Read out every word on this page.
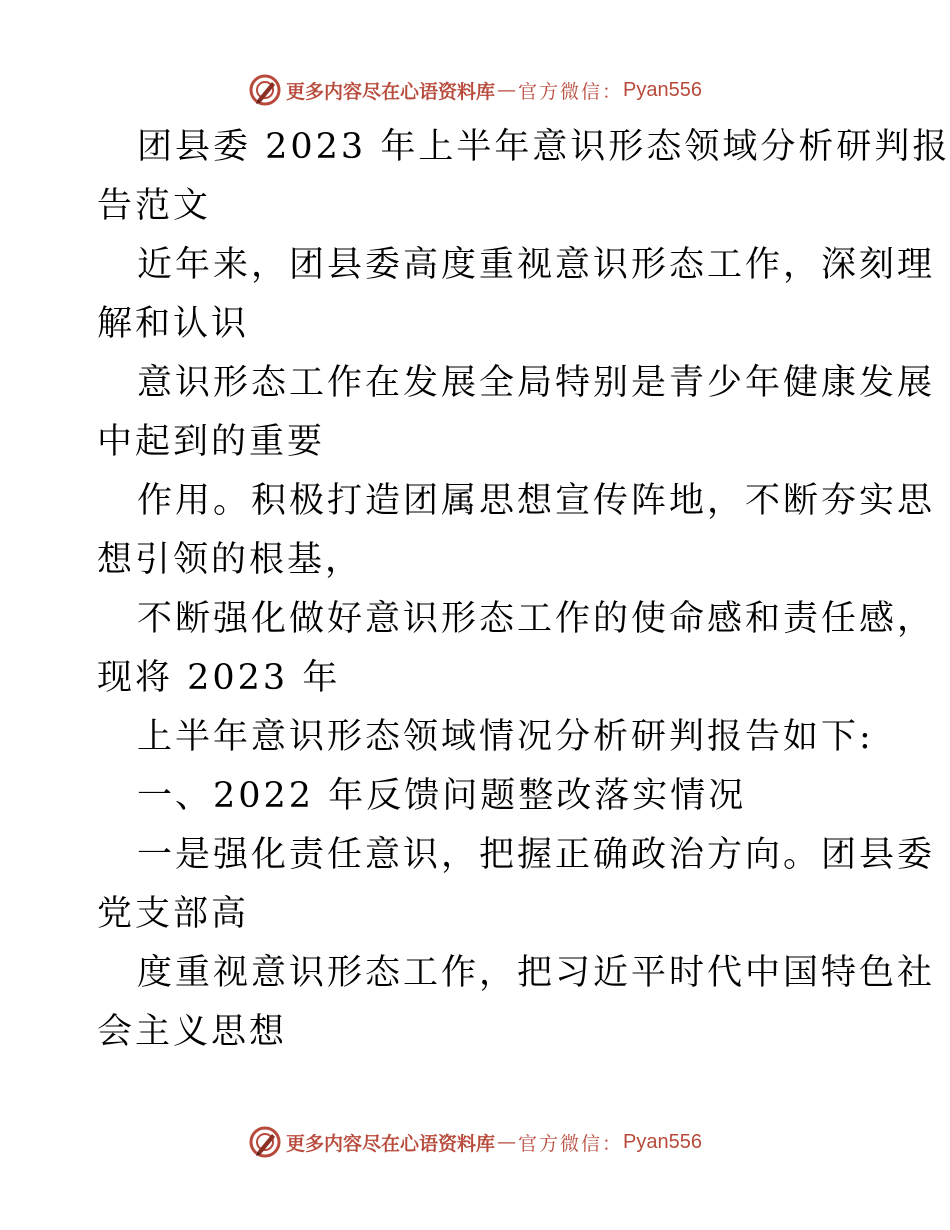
更多内容尽在心语资料库 — 官方微信： Pyan556
团县委 2023 年上半年意识形态领域分析研判报
告范文
近年来，团县委高度重视意识形态工作，深刻理
解和认识
意识形态工作在发展全局特别是青少年健康发展
中起到的重要
作用。积极打造团属思想宣传阵地，不断夯实思
想引领的根基，
不断强化做好意识形态工作的使命感和责任感，
现将 2023 年
上半年意识形态领域情况分析研判报告如下:
一、2022 年反馈问题整改落实情况
一是强化责任意识，把握正确政治方向。团县委
党支部高
度重视意识形态工作，把习近平时代中国特色社
会主义思想
更多内容尽在心语资料库 — 官方微信： Pyan556
